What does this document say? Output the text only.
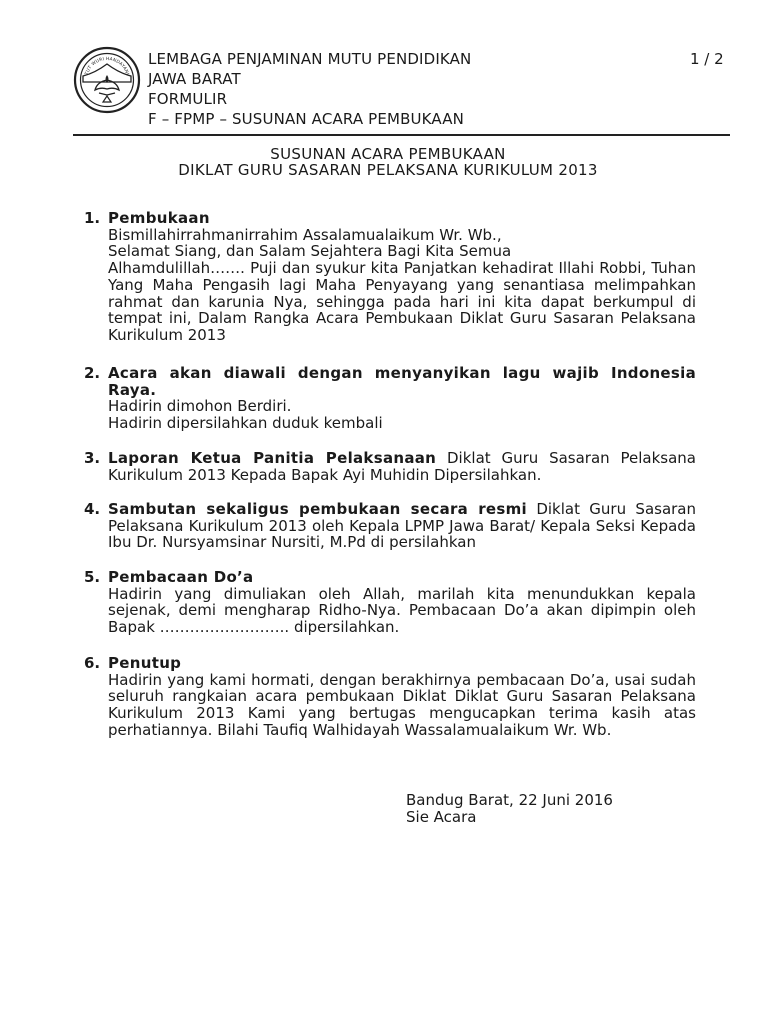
TUT WURI HANDAYANI
LEMBAGA PENJAMINAN MUTU PENDIDIKAN
JAWA BARAT
FORMULIR
F – FPMP – SUSUNAN ACARA PEMBUKAAN
1 / 2
SUSUNAN ACARA PEMBUKAAN
DIKLAT GURU SASARAN PELAKSANA KURIKULUM 2013
1. Pembukaan
Bismillahirrahmanirrahim Assalamualaikum Wr. Wb.,
Selamat Siang, dan Salam Sejahtera Bagi Kita Semua
Alhamdulillah……. Puji dan syukur kita Panjatkan kehadirat Illahi Robbi, Tuhan Yang Maha Pengasih lagi Maha Penyayang yang senantiasa melimpahkan rahmat dan karunia Nya, sehingga pada hari ini kita dapat berkumpul di tempat ini, Dalam Rangka Acara Pembukaan Diklat Guru Sasaran Pelaksana Kurikulum 2013
2. Acara akan diawali dengan menyanyikan lagu wajib Indonesia Raya.
Hadirin dimohon Berdiri.
Hadirin dipersilahkan duduk kembali
3. Laporan Ketua Panitia Pelaksanaan Diklat Guru Sasaran Pelaksana Kurikulum 2013 Kepada Bapak Ayi Muhidin Dipersilahkan.
4. Sambutan sekaligus pembukaan secara resmi Diklat Guru Sasaran Pelaksana Kurikulum 2013 oleh Kepala LPMP Jawa Barat/ Kepala Seksi Kepada Ibu Dr. Nursyamsinar Nursiti, M.Pd di persilahkan
5. Pembacaan Do’a
Hadirin yang dimuliakan oleh Allah, marilah kita menundukkan kepala sejenak, demi mengharap Ridho-Nya. Pembacaan Do’a akan dipimpin oleh Bapak …………………….. dipersilahkan.
6. Penutup
Hadirin yang kami hormati, dengan berakhirnya pembacaan Do’a, usai sudah seluruh rangkaian acara pembukaan Diklat Diklat Guru Sasaran Pelaksana Kurikulum 2013 Kami yang bertugas mengucapkan terima kasih atas perhatiannya. Bilahi Taufiq Walhidayah Wassalamualaikum Wr. Wb.
Bandug Barat, 22 Juni 2016
Sie Acara
